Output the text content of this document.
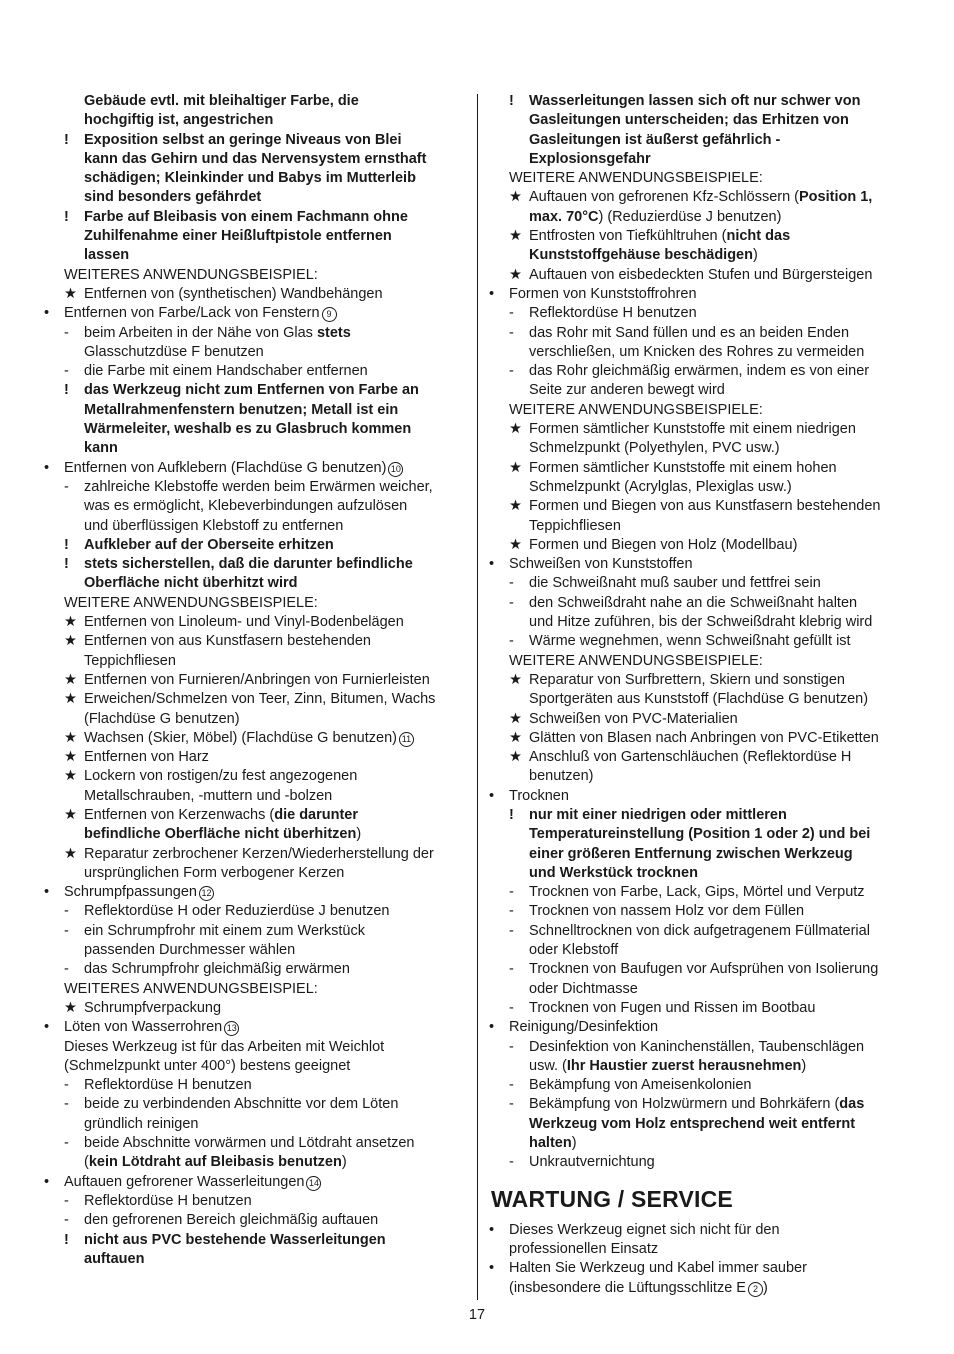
Gebäude evtl. mit bleihaltiger Farbe, die
hochgiftig ist, angestrichen
!	Exposition selbst an geringe Niveaus von Blei
kann das Gehirn und das Nervensystem ernsthaft
schädigen; Kleinkinder und Babys im Mutterleib
sind besonders gefährdet
!	Farbe auf Bleibasis von einem Fachmann ohne
Zuhilfenahme einer Heißluftpistole entfernen
lassen
WEITERES ANWENDUNGSBEISPIEL:
★ Entfernen von (synthetischen) Wandbehängen
•	Entfernen von Farbe/Lack von Fenstern 9
-	beim Arbeiten in der Nähe von Glas stets
Glasschutzdüse F benutzen
-	die Farbe mit einem Handschaber entfernen
!	das Werkzeug nicht zum Entfernen von Farbe an
Metallrahmenfenstern benutzen; Metall ist ein
Wärmeleiter, weshalb es zu Glasbruch kommen
kann
•	Entfernen von Aufklebern (Flachdüse G benutzen) 10
-	zahlreiche Klebstoffe werden beim Erwärmen weicher,
was es ermöglicht, Klebeverbindungen aufzulösen
und überflüssigen Klebstoff zu entfernen
!	Aufkleber auf der Oberseite erhitzen
!	stets sicherstellen, daß die darunter befindliche
Oberfläche nicht überhitzt wird
WEITERE ANWENDUNGSBEISPIELE:
★ Entfernen von Linoleum- und Vinyl-Bodenbelägen
★ Entfernen von aus Kunstfasern bestehenden
Teppichfliesen
★ Entfernen von Furnieren/Anbringen von Furnierleisten
★ Erweichen/Schmelzen von Teer, Zinn, Bitumen, Wachs
(Flachdüse G benutzen)
★ Wachsen (Skier, Möbel) (Flachdüse G benutzen) 11
★ Entfernen von Harz
★ Lockern von rostigen/zu fest angezogenen
Metallschrauben, -muttern und -bolzen
★ Entfernen von Kerzenwachs (die darunter
befindliche Oberfläche nicht überhitzen)
★ Reparatur zerbrochener Kerzen/Wiederherstellung der
ursprünglichen Form verbogener Kerzen
•	Schrumpfpassungen 12
-	Reflektordüse H oder Reduzierdüse J benutzen
-	ein Schrumpfrohr mit einem zum Werkstück
passenden Durchmesser wählen
-	das Schrumpfrohr gleichmäßig erwärmen
WEITERES ANWENDUNGSBEISPIEL:
★ Schrumpfverpackung
•	Löten von Wasserrohren 13
Dieses Werkzeug ist für das Arbeiten mit Weichlot
(Schmelzpunkt unter 400°) bestens geeignet
-	Reflektordüse H benutzen
-	beide zu verbindenden Abschnitte vor dem Löten
gründlich reinigen
-	beide Abschnitte vorwärmen und Lötdraht ansetzen
(kein Lötdraht auf Bleibasis benutzen)
•	Auftauen gefrorener Wasserleitungen 14
-	Reflektordüse H benutzen
-	den gefrorenen Bereich gleichmäßig auftauen
!	nicht aus PVC bestehende Wasserleitungen
auftauen
!	Wasserleitungen lassen sich oft nur schwer von
Gasleitungen unterscheiden; das Erhitzen von
Gasleitungen ist äußerst gefährlich -
Explosionsgefahr
WEITERE ANWENDUNGSBEISPIELE:
★ Auftauen von gefrorenen Kfz-Schlössern (Position 1,
max. 70°C) (Reduzierdüse J benutzen)
★ Entfrosten von Tiefkühltruhen (nicht das
Kunststoffgehäuse beschädigen)
★ Auftauen von eisbedeckten Stufen und Bürgersteigen
•	Formen von Kunststoffrohren
-	Reflektordüse H benutzen
-	das Rohr mit Sand füllen und es an beiden Enden
verschließen, um Knicken des Rohres zu vermeiden
-	das Rohr gleichmäßig erwärmen, indem es von einer
Seite zur anderen bewegt wird
WEITERE ANWENDUNGSBEISPIELE:
★ Formen sämtlicher Kunststoffe mit einem niedrigen
Schmelzpunkt (Polyethylen, PVC usw.)
★ Formen sämtlicher Kunststoffe mit einem hohen
Schmelzpunkt (Acrylglas, Plexiglas usw.)
★ Formen und Biegen von aus Kunstfasern bestehenden
Teppichfliesen
★ Formen und Biegen von Holz (Modellbau)
•	Schweißen von Kunststoffen
-	die Schweißnaht muß sauber und fettfrei sein
-	den Schweißdraht nahe an die Schweißnaht halten
und Hitze zuführen, bis der Schweißdraht klebrig wird
-	Wärme wegnehmen, wenn Schweißnaht gefüllt ist
WEITERE ANWENDUNGSBEISPIELE:
★ Reparatur von Surfbrettern, Skiern und sonstigen
Sportgeräten aus Kunststoff (Flachdüse G benutzen)
★ Schweißen von PVC-Materialien
★ Glätten von Blasen nach Anbringen von PVC-Etiketten
★ Anschluß von Gartenschläuchen (Reflektordüse H
benutzen)
•	Trocknen
!	nur mit einer niedrigen oder mittleren
Temperatureinstellung (Position 1 oder 2) und bei
einer größeren Entfernung zwischen Werkzeug
und Werkstück trocknen
-	Trocknen von Farbe, Lack, Gips, Mörtel und Verputz
-	Trocknen von nassem Holz vor dem Füllen
-	Schnelltrocknen von dick aufgetragenem Füllmaterial
oder Klebstoff
-	Trocknen von Baufugen vor Aufsprühen von Isolierung
oder Dichtmasse
-	Trocknen von Fugen und Rissen im Bootbau
•	Reinigung/Desinfektion
-	Desinfektion von Kaninchenställen, Taubenschlägen
usw. (Ihr Haustier zuerst herausnehmen)
-	Bekämpfung von Ameisenkolonien
-	Bekämpfung von Holzwürmern und Bohrkäfern (das
Werkzeug vom Holz entsprechend weit entfernt
halten)
-	Unkrautvernichtung
WARTUNG / SERVICE
•	Dieses Werkzeug eignet sich nicht für den
professionellen Einsatz
•	Halten Sie Werkzeug und Kabel immer sauber
(insbesondere die Lüftungsschlitze E 2 )
17
